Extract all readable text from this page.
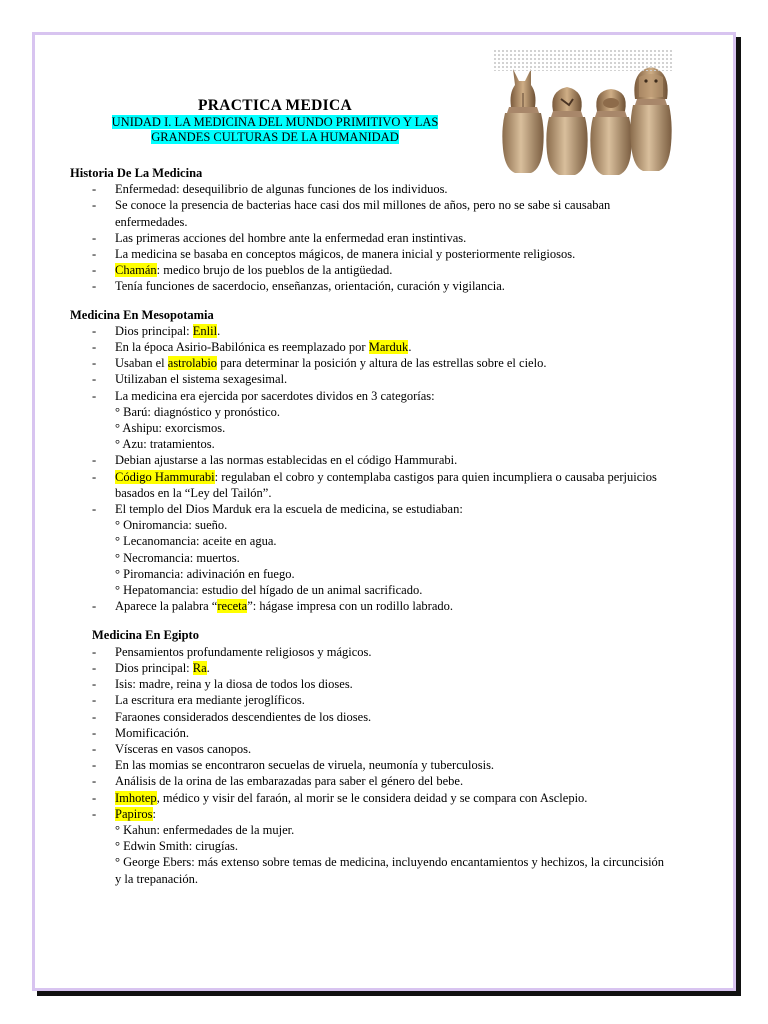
PRACTICA MEDICA

UNIDAD I. LA MEDICINA DEL MUNDO PRIMITIVO Y LAS
GRANDES CULTURAS DE LA HUMANIDAD

Historia De La Medicina

- Enfermedad: desequilibrio de algunas funciones de los individuos.
- Se conoce la presencia de bacterias hace casi dos mil millones de años, pero no se sabe si causaban enfermedades.
- Las primeras acciones del hombre ante la enfermedad eran instintivas.
- La medicina se basaba en conceptos mágicos, de manera inicial y posteriormente religiosos.
- Chamán: medico brujo de los pueblos de la antigüedad.
- Tenía funciones de sacerdocio, enseñanzas, orientación, curación y vigilancia.

Medicina En Mesopotamia

- Dios principal: Enlil.
- En la época Asirio-Babilónica es reemplazado por Marduk.
- Usaban el astrolabio para determinar la posición y altura de las estrellas sobre el cielo.
- Utilizaban el sistema sexagesimal.
- La medicina era ejercida por sacerdotes dividos en 3 categorías:
° Barú: diagnóstico y pronóstico.
° Ashipu: exorcismos.
° Azu: tratamientos.
- Debian ajustarse a las normas establecidas en el código Hammurabi.
- Código Hammurabi: regulaban el cobro y contemplaba castigos para quien incumpliera o causaba perjuicios basados en la “Ley del Tailón”.
- El templo del Dios Marduk era la escuela de medicina, se estudiaban:
° Oniromancia: sueño.
° Lecanomancia: aceite en agua.
° Necromancia: muertos.
° Piromancia: adivinación en fuego.
° Hepatomancia: estudio del hígado de un animal sacrificado.
- Aparece la palabra “receta”: hágase impresa con un rodillo labrado.

Medicina En Egipto

- Pensamientos profundamente religiosos y mágicos.
- Dios principal: Ra.
- Isis: madre, reina y la diosa de todos los dioses.
- La escritura era mediante jeroglíficos.
- Faraones considerados descendientes de los dioses.
- Momificación.
- Vísceras en vasos canopos.
- En las momias se encontraron secuelas de viruela, neumonía y tuberculosis.
- Análisis de la orina de las embarazadas para saber el género del bebe.
- Imhotep, médico y visir del faraón, al morir se le considera deidad y se compara con Asclepio.
- Papiros:
° Kahun: enfermedades de la mujer.
° Edwin Smith: cirugías.
° George Ebers: más extenso sobre temas de medicina, incluyendo encantamientos y hechizos, la circuncisión y la trepanación.
